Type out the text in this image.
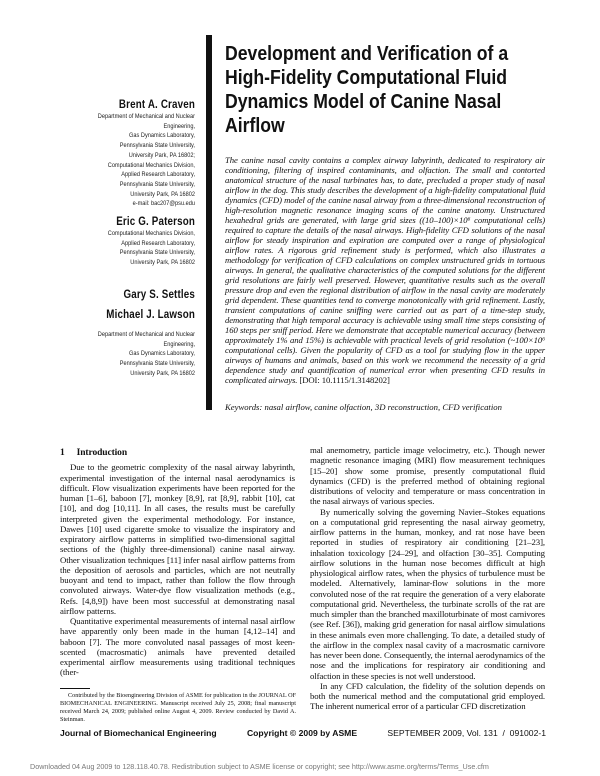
Brent A. Craven
Department of Mechanical and Nuclear
Engineering,
Gas Dynamics Laboratory,
Pennsylvania State University,
University Park, PA 16802;
Computational Mechanics Division,
Applied Research Laboratory,
Pennsylvania State University,
University Park, PA 16802
e-mail: bac207@psu.edu
Eric G. Paterson
Computational Mechanics Division,
Applied Research Laboratory,
Pennsylvania State University,
University Park, PA 16802
Gary S. Settles
Michael J. Lawson
Department of Mechanical and Nuclear
Engineering,
Gas Dynamics Laboratory,
Pennsylvania State University,
University Park, PA 16802
Development and Verification of a
High-Fidelity Computational Fluid
Dynamics Model of Canine Nasal
Airflow
The canine nasal cavity contains a complex airway labyrinth, dedicated to respiratory air conditioning, filtering of inspired contaminants, and olfaction. The small and contorted anatomical structure of the nasal turbinates has, to date, precluded a proper study of nasal airflow in the dog. This study describes the development of a high-fidelity computational fluid dynamics (CFD) model of the canine nasal airway from a three-dimensional reconstruction of high-resolution magnetic resonance imaging scans of the canine anatomy. Unstructured hexahedral grids are generated, with large grid sizes ((10–100)×10⁶ computational cells) required to capture the details of the nasal airways. High-fidelity CFD solutions of the nasal airflow for steady inspiration and expiration are computed over a range of physiological airflow rates. A rigorous grid refinement study is performed, which also illustrates a methodology for verification of CFD calculations on complex unstructured grids in tortuous airways. In general, the qualitative characteristics of the computed solutions for the different grid resolutions are fairly well preserved. However, quantitative results such as the overall pressure drop and even the regional distribution of airflow in the nasal cavity are moderately grid dependent. These quantities tend to converge monotonically with grid refinement. Lastly, transient computations of canine sniffing were carried out as part of a time-step study, demonstrating that high temporal accuracy is achievable using small time steps consisting of 160 steps per sniff period. Here we demonstrate that acceptable numerical accuracy (between approximately 1% and 15%) is achievable with practical levels of grid resolution (~100×10⁶ computational cells). Given the popularity of CFD as a tool for studying flow in the upper airways of humans and animals, based on this work we recommend the necessity of a grid dependence study and quantification of numerical error when presenting CFD results in complicated airways. [DOI: 10.1115/1.3148202]
Keywords: nasal airflow, canine olfaction, 3D reconstruction, CFD verification
1 Introduction

Due to the geometric complexity of the nasal airway labyrinth, experimental investigation of the internal nasal aerodynamics is difficult. Flow visualization experiments have been reported for the human [1–6], baboon [7], monkey [8,9], rat [8,9], rabbit [10], cat [10], and dog [10,11]. In all cases, the results must be carefully interpreted given the experimental methodology. For instance, Dawes [10] used cigarette smoke to visualize the inspiratory and expiratory airflow patterns in simplified two-dimensional sagittal sections of the (highly three-dimensional) canine nasal airway. Other visualization techniques [11] infer nasal airflow patterns from the deposition of aerosols and particles, which are not neutrally buoyant and tend to impact, rather than follow the flow through convoluted airways. Water-dye flow visualization methods (e.g., Refs. [4,8,9]) have been most successful at demonstrating nasal airflow patterns.

Quantitative experimental measurements of internal nasal airflow have apparently only been made in the human [4,12–14] and baboon [7]. The more convoluted nasal passages of most keen-scented (macrosmatic) animals have prevented detailed experimental airflow measurements using traditional techniques (ther-

mal anemometry, particle image velocimetry, etc.). Though newer magnetic resonance imaging (MRI) flow measurement techniques [15–20] show some promise, presently computational fluid dynamics (CFD) is the preferred method of obtaining regional distributions of velocity and temperature or mass concentration in the nasal airways of various species.

By numerically solving the governing Navier–Stokes equations on a computational grid representing the nasal airway geometry, airflow patterns in the human, monkey, and rat nose have been reported in studies of respiratory air conditioning [21–23], inhalation toxicology [24–29], and olfaction [30–35]. Computing airflow solutions in the human nose becomes difficult at high physiological airflow rates, when the physics of turbulence must be modeled. Alternatively, laminar-flow solutions in the more convoluted nose of the rat require the generation of a very elaborate computational grid. Nevertheless, the turbinate scrolls of the rat are much simpler than the branched maxilloturbinate of most carnivores (see Ref. [36]), making grid generation for nasal airflow simulations in these animals even more challenging. To date, a detailed study of the airflow in the complex nasal cavity of a macrosmatic carnivore has never been done. Consequently, the internal aerodynamics of the nose and the implications for respiratory air conditioning and olfaction in these species is not well understood.

In any CFD calculation, the fidelity of the solution depends on both the numerical method and the computational grid employed. The inherent numerical error of a particular CFD discretization

Contributed by the Bioengineering Division of ASME for publication in the JOURNAL OF BIOMECHANICAL ENGINEERING. Manuscript received July 25, 2008; final manuscript received March 24, 2009; published online August 4, 2009. Review conducted by David A. Steinman.
Journal of Biomechanical Engineering	Copyright © 2009 by ASME	SEPTEMBER 2009, Vol. 131  /  091002-1
Downloaded 04 Aug 2009 to 128.118.40.78. Redistribution subject to ASME license or copyright; see http://www.asme.org/terms/Terms_Use.cfm
